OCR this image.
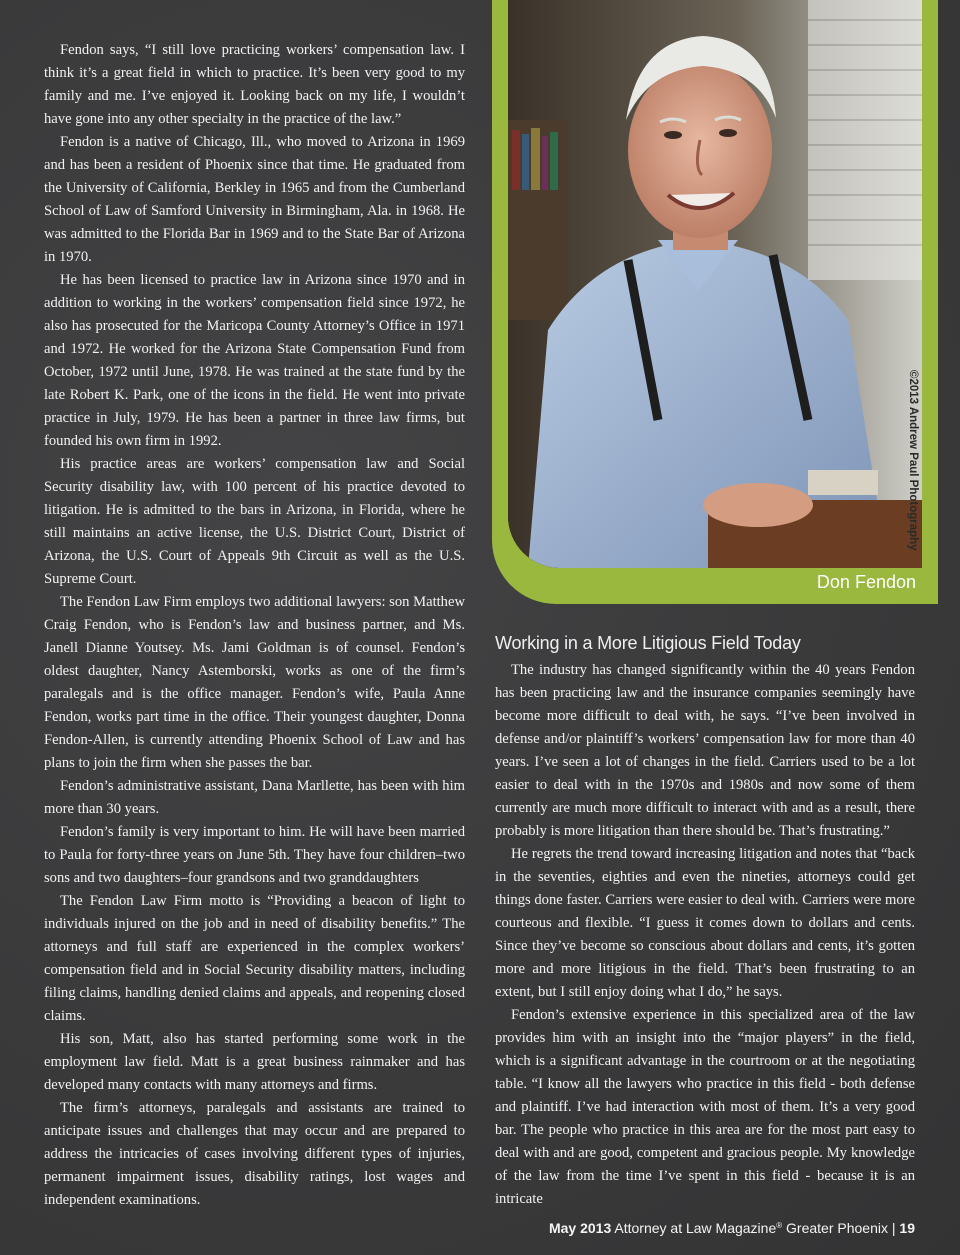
Fendon says, “I still love practicing workers’ compensation law. I think it’s a great field in which to practice. It’s been very good to my family and me. I’ve enjoyed it. Looking back on my life, I wouldn’t have gone into any other specialty in the practice of the law.”

Fendon is a native of Chicago, Ill., who moved to Arizona in 1969 and has been a resident of Phoenix since that time. He graduated from the University of California, Berkley in 1965 and from the Cumberland School of Law of Samford University in Birmingham, Ala. in 1968. He was admitted to the Florida Bar in 1969 and to the State Bar of Arizona in 1970.

He has been licensed to practice law in Arizona since 1970 and in addition to working in the workers’ compensation field since 1972, he also has prosecuted for the Maricopa County Attorney’s Office in 1971 and 1972. He worked for the Arizona State Compensation Fund from October, 1972 until June, 1978. He was trained at the state fund by the late Robert K. Park, one of the icons in the field. He went into private practice in July, 1979. He has been a partner in three law firms, but founded his own firm in 1992.

His practice areas are workers’ compensation law and Social Security disability law, with 100 percent of his practice devoted to litigation. He is admitted to the bars in Arizona, in Florida, where he still maintains an active license, the U.S. District Court, District of Arizona, the U.S. Court of Appeals 9th Circuit as well as the U.S. Supreme Court.

The Fendon Law Firm employs two additional lawyers: son Matthew Craig Fendon, who is Fendon’s law and business partner, and Ms. Janell Dianne Youtsey. Ms. Jami Goldman is of counsel. Fendon’s oldest daughter, Nancy Astemborski, works as one of the firm’s paralegals and is the office manager. Fendon’s wife, Paula Anne Fendon, works part time in the office. Their youngest daughter, Donna Fendon-Allen, is currently attending Phoenix School of Law and has plans to join the firm when she passes the bar.

Fendon’s administrative assistant, Dana Marllette, has been with him more than 30 years.

Fendon’s family is very important to him. He will have been married to Paula for forty-three years on June 5th. They have four children–two sons and two daughters–four grandsons and two granddaughters

The Fendon Law Firm motto is “Providing a beacon of light to individuals injured on the job and in need of disability benefits.” The attorneys and full staff are experienced in the complex workers’ compensation field and in Social Security disability matters, including filing claims, handling denied claims and appeals, and reopening closed claims.

His son, Matt, also has started performing some work in the employment law field. Matt is a great business rainmaker and has developed many contacts with many attorneys and firms.

The firm’s attorneys, paralegals and assistants are trained to anticipate issues and challenges that may occur and are prepared to address the intricacies of cases involving different types of injuries, permanent impairment issues, disability ratings, lost wages and independent examinations.

©2013 Andrew Paul Photography
Don Fendon
Working in a More Litigious Field Today

The industry has changed significantly within the 40 years Fendon has been practicing law and the insurance companies seemingly have become more difficult to deal with, he says. “I’ve been involved in defense and/or plaintiff’s workers’ compensation law for more than 40 years. I’ve seen a lot of changes in the field. Carriers used to be a lot easier to deal with in the 1970s and 1980s and now some of them currently are much more difficult to interact with and as a result, there probably is more litigation than there should be. That’s frustrating.”

He regrets the trend toward increasing litigation and notes that “back in the seventies, eighties and even the nineties, attorneys could get things done faster. Carriers were easier to deal with. Carriers were more courteous and flexible. “I guess it comes down to dollars and cents. Since they’ve become so conscious about dollars and cents, it’s gotten more and more litigious in the field. That’s been frustrating to an extent, but I still enjoy doing what I do,” he says.

Fendon’s extensive experience in this specialized area of the law provides him with an insight into the “major players” in the field, which is a significant advantage in the courtroom or at the negotiating table. “I know all the lawyers who practice in this field - both defense and plaintiff. I’ve had interaction with most of them. It’s a very good bar. The people who practice in this area are for the most part easy to deal with and are good, competent and gracious people. My knowledge of the law from the time I’ve spent in this field - because it is an intricate

May 2013 Attorney at Law Magazine® Greater Phoenix | 19
